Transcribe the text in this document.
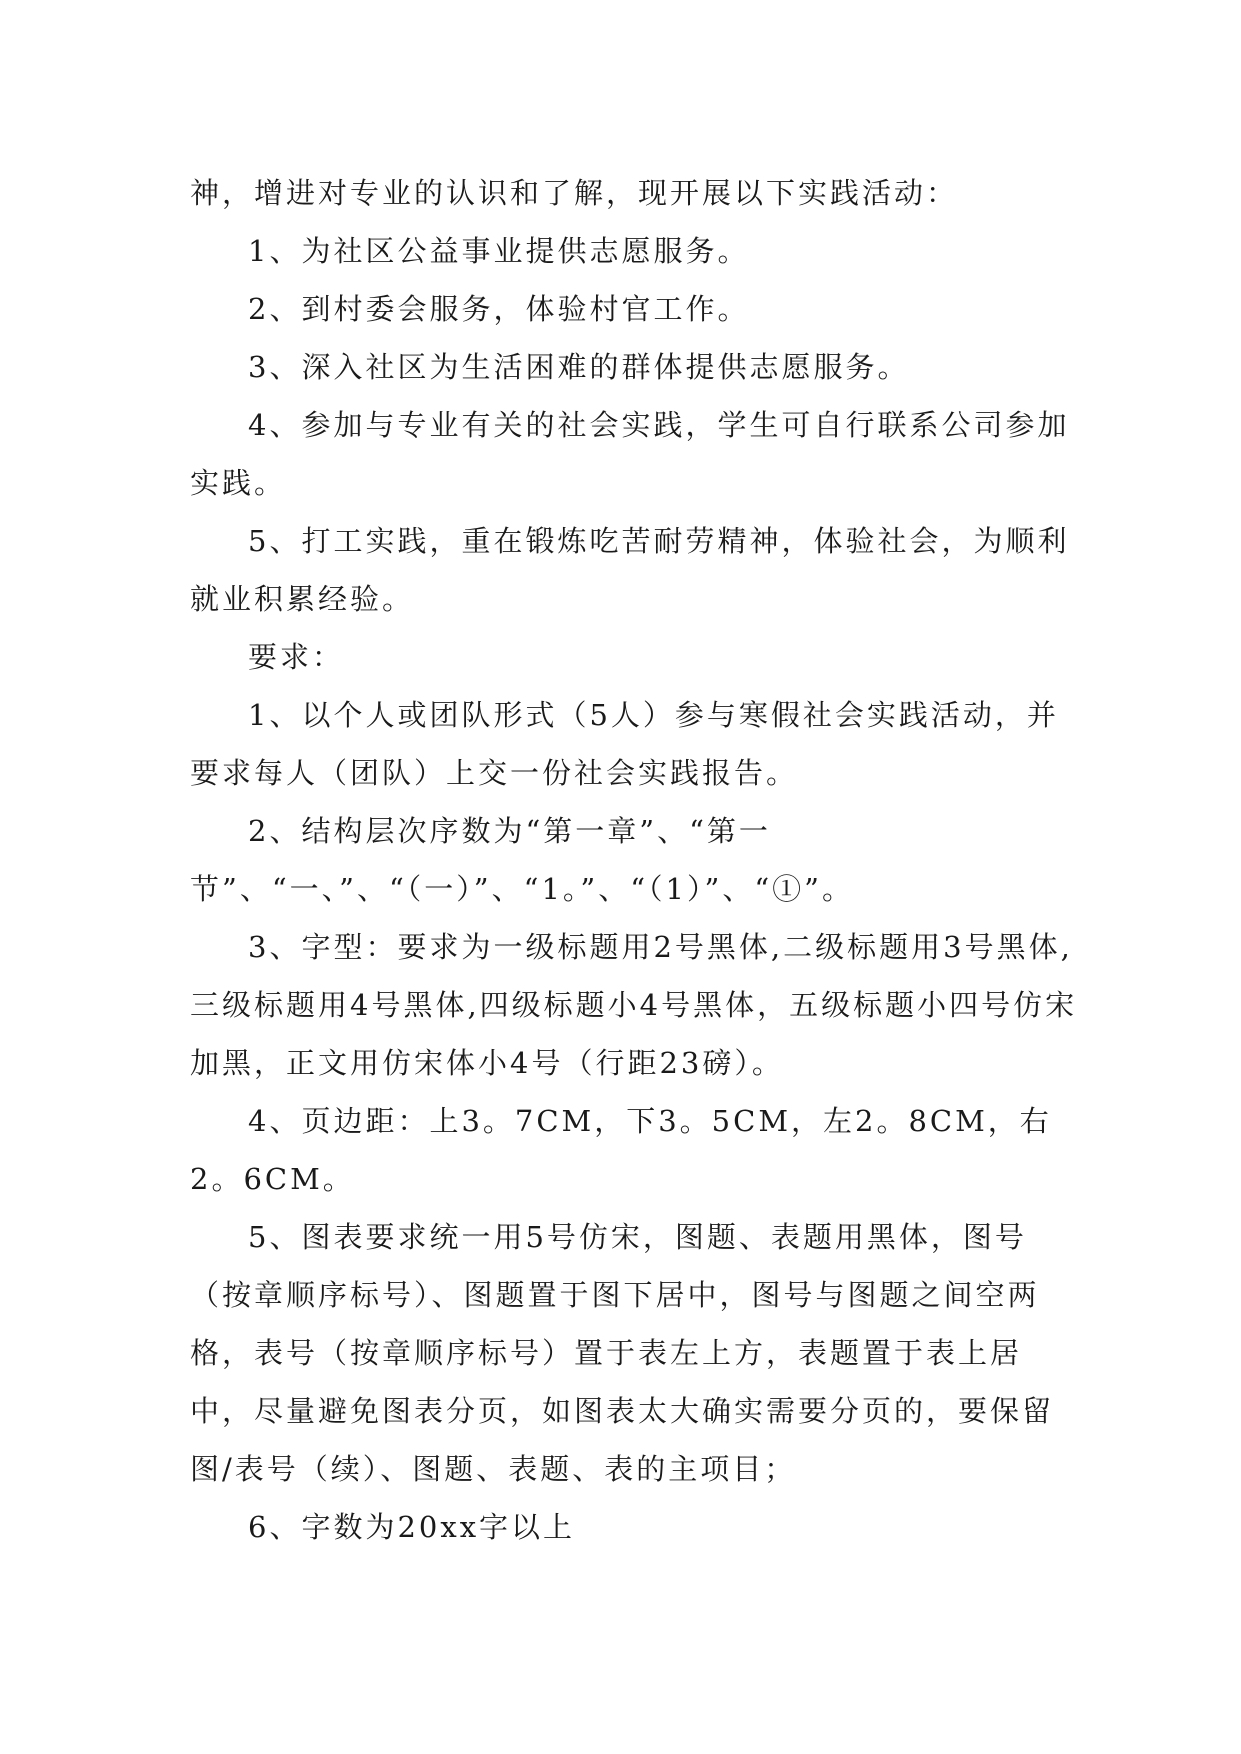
神，增进对专业的认识和了解，现开展以下实践活动：

1、为社区公益事业提供志愿服务。

2、到村委会服务，体验村官工作。

3、深入社区为生活困难的群体提供志愿服务。

4、参加与专业有关的社会实践，学生可自行联系公司参加实践。

5、打工实践，重在锻炼吃苦耐劳精神，体验社会，为顺利就业积累经验。

要求：

1、以个人或团队形式（5人）参与寒假社会实践活动，并要求每人（团队）上交一份社会实践报告。

2、结构层次序数为“第一章”、“第一节”、“一、”、“（一）”、“1。”、“（1）”、“①”。

3、字型：要求为一级标题用2号黑体,二级标题用3号黑体,三级标题用4号黑体,四级标题小4号黑体，五级标题小四号仿宋加黑，正文用仿宋体小4号（行距23磅）。

4、页边距：上3。7CM，下3。5CM，左2。8CM，右2。6CM。

5、图表要求统一用5号仿宋，图题、表题用黑体，图号（按章顺序标号）、图题置于图下居中，图号与图题之间空两格，表号（按章顺序标号）置于表左上方，表题置于表上居中，尽量避免图表分页，如图表太大确实需要分页的，要保留图/表号（续）、图题、表题、表的主项目；

6、字数为20xx字以上
